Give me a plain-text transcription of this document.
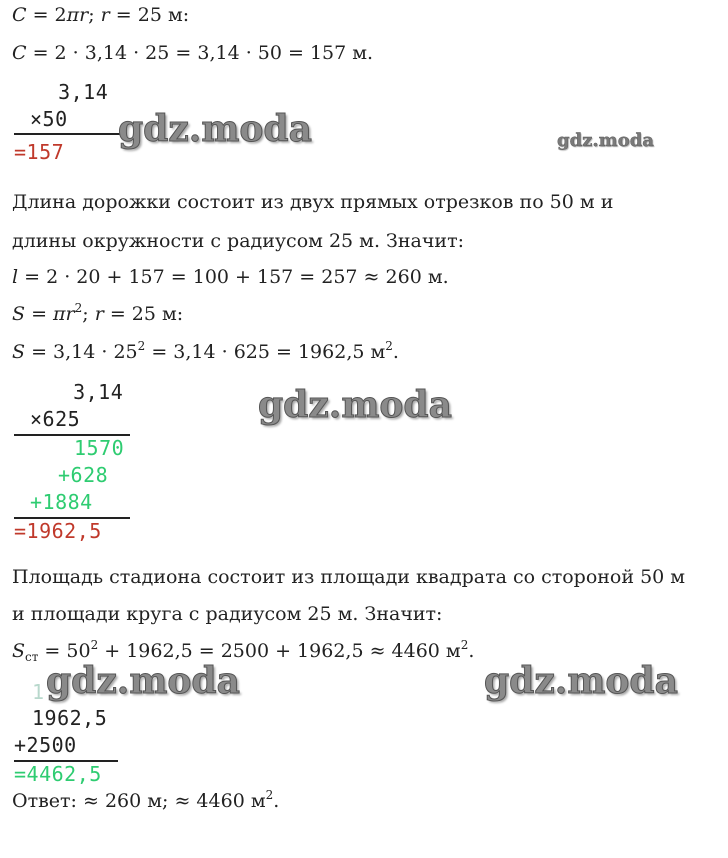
C = 2πr; r = 25 м:
C = 2 · 3,14 · 25 = 3,14 · 50 = 157 м.
3,14
×50
=157
Длина дорожки состоит из двух прямых отрезков по 50 м и
длины окружности с радиусом 25 м. Значит:
l = 2 · 20 + 157 = 100 + 157 = 257 ≈ 260 м.
$S = \pi r^2$; r = 25 м:
$S = 3,14 \cdot 25^2 = 3,14 \cdot 625 = 1962,5$ $м^2$.
3,14
×625
1570
+628
+1884
=1962,5
Площадь стадиона состоит из площади квадрата со стороной 50 м
и площади круга с радиусом 25 м. Значит:
$S_{ст} = 50^2 + 1962,5 = 2500 + 1962,5 \approx 4460$ $м^2$.
1
1962,5
+2500
=4462,5
Ответ: ≈ 260 м; ≈ 4460 $м^2$.
gdz.moda	gdz.moda
gdz.moda
gdz.moda	gdz.moda
